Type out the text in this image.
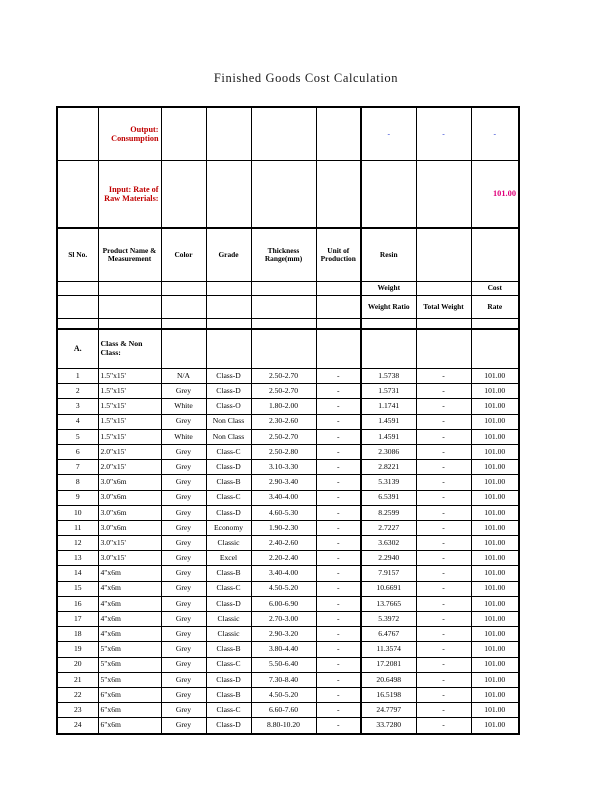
Finished Goods Cost Calculation
	Output: Consumption					-	-	-
	Input: Rate of Raw Materials:							101.00
Sl No.	Product Name & Measurement	Color	Grade	Thickness Range(mm)	Unit of Production	Resin		
						Weight		Cost
						Weight Ratio	Total Weight	Rate

A.	Class & Non Class:							
1	1.5"x15'	N/A	Class-D	2.50-2.70	-	1.5738	-	101.00
2	1.5"x15'	Grey	Class-D	2.50-2.70	-	1.5731	-	101.00
3	1.5"x15'	White	Class-O	1.80-2.00	-	1.1741	-	101.00
4	1.5"x15'	Grey	Non Class	2.30-2.60	-	1.4591	-	101.00
5	1.5"x15'	White	Non Class	2.50-2.70	-	1.4591	-	101.00
6	2.0"x15'	Grey	Class-C	2.50-2.80	-	2.3086	-	101.00
7	2.0"x15'	Grey	Class-D	3.10-3.30	-	2.8221	-	101.00
8	3.0"x6m	Grey	Class-B	2.90-3.40	-	5.3139	-	101.00
9	3.0"x6m	Grey	Class-C	3.40-4.00	-	6.5391	-	101.00
10	3.0"x6m	Grey	Class-D	4.60-5.30	-	8.2599	-	101.00
11	3.0"x6m	Grey	Economy	1.90-2.30	-	2.7227	-	101.00
12	3.0"x15'	Grey	Classic	2.40-2.60	-	3.6302	-	101.00
13	3.0"x15'	Grey	Excel	2.20-2.40	-	2.2940	-	101.00
14	4"x6m	Grey	Class-B	3.40-4.00	-	7.9157	-	101.00
15	4"x6m	Grey	Class-C	4.50-5.20	-	10.6691	-	101.00
16	4"x6m	Grey	Class-D	6.00-6.90	-	13.7665	-	101.00
17	4"x6m	Grey	Classic	2.70-3.00	-	5.3972	-	101.00
18	4"x6m	Grey	Classic	2.90-3.20	-	6.4767	-	101.00
19	5"x6m	Grey	Class-B	3.80-4.40	-	11.3574	-	101.00
20	5"x6m	Grey	Class-C	5.50-6.40	-	17.2081	-	101.00
21	5"x6m	Grey	Class-D	7.30-8.40	-	20.6498	-	101.00
22	6"x6m	Grey	Class-B	4.50-5.20	-	16.5198	-	101.00
23	6"x6m	Grey	Class-C	6.60-7.60	-	24.7797	-	101.00
24	6"x6m	Grey	Class-D	8.80-10.20	-	33.7280	-	101.00
